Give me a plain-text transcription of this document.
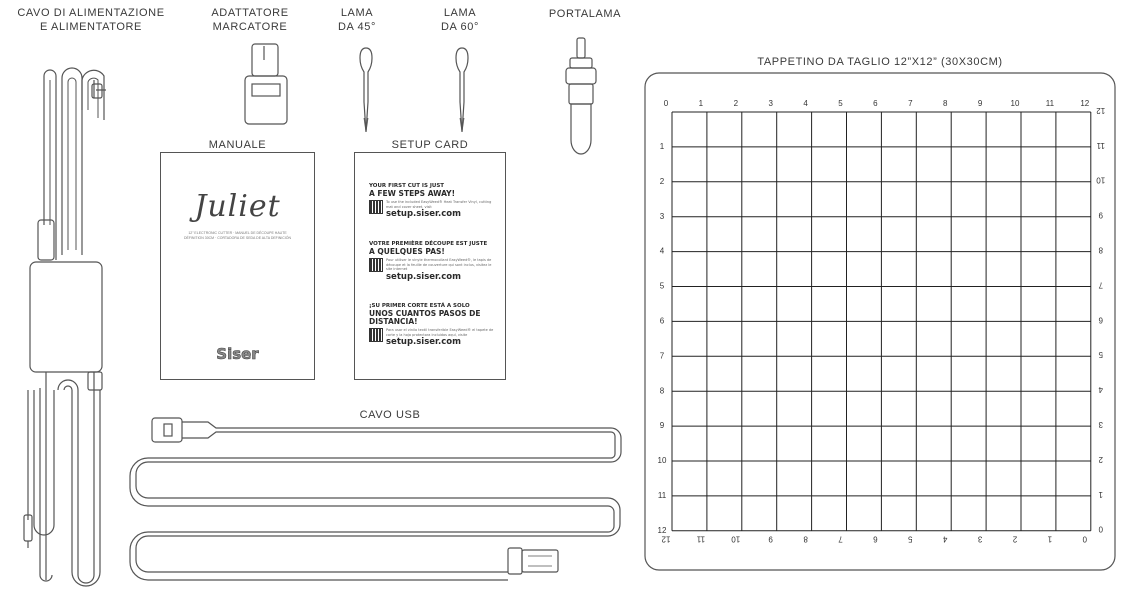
CAVO DI ALIMENTAZIONE
E ALIMENTATORE
ADATTATORE
MARCATORE
LAMA
DA 45°
LAMA
DA 60°
PORTALAMA
MANUALE	SETUP CARD
CAVO USB
TAPPETINO DA TAGLIO 12”X12” (30X30CM)
0	1	2	3	4	5	6	7	8	9	10	11	12
1
2
3
4
5
6
7
8
9
10
11
12
11
10
9
8
7
6
5
4
3
2
1
0
12	11	10	9	8	7	6	5	4	3	2	1	0
12
Juliet
12" ELECTRONIC CUTTER · MANUEL DE DÉCOUPE HAUTE DÉFINITION 30CM · CORTADORA DE SEDA DE ALTA DEFINICIÓN
Siser
YOUR FIRST CUT IS JUST
A FEW STEPS AWAY!
To use the included EasyWeed® Heat Transfer Vinyl, cutting mat and cover sheet, visit
setup.siser.com
VOTRE PREMIÈRE DÉCOUPE EST JUSTE
A QUELQUES PAS!
Pour utiliser le vinyle thermocollant EasyWeed®, le tapis de découpe et la feuille de couverture qui sont inclus, visitez le site internet
setup.siser.com
¡SU PRIMER CORTE ESTÁ A SOLO
UNOS CUANTOS PASOS DE DISTANCIA!
Para usar el vinilo textil transferible EasyWeed® el tapete de corte y la hoja protectora incluidos aquí, visite
setup.siser.com
